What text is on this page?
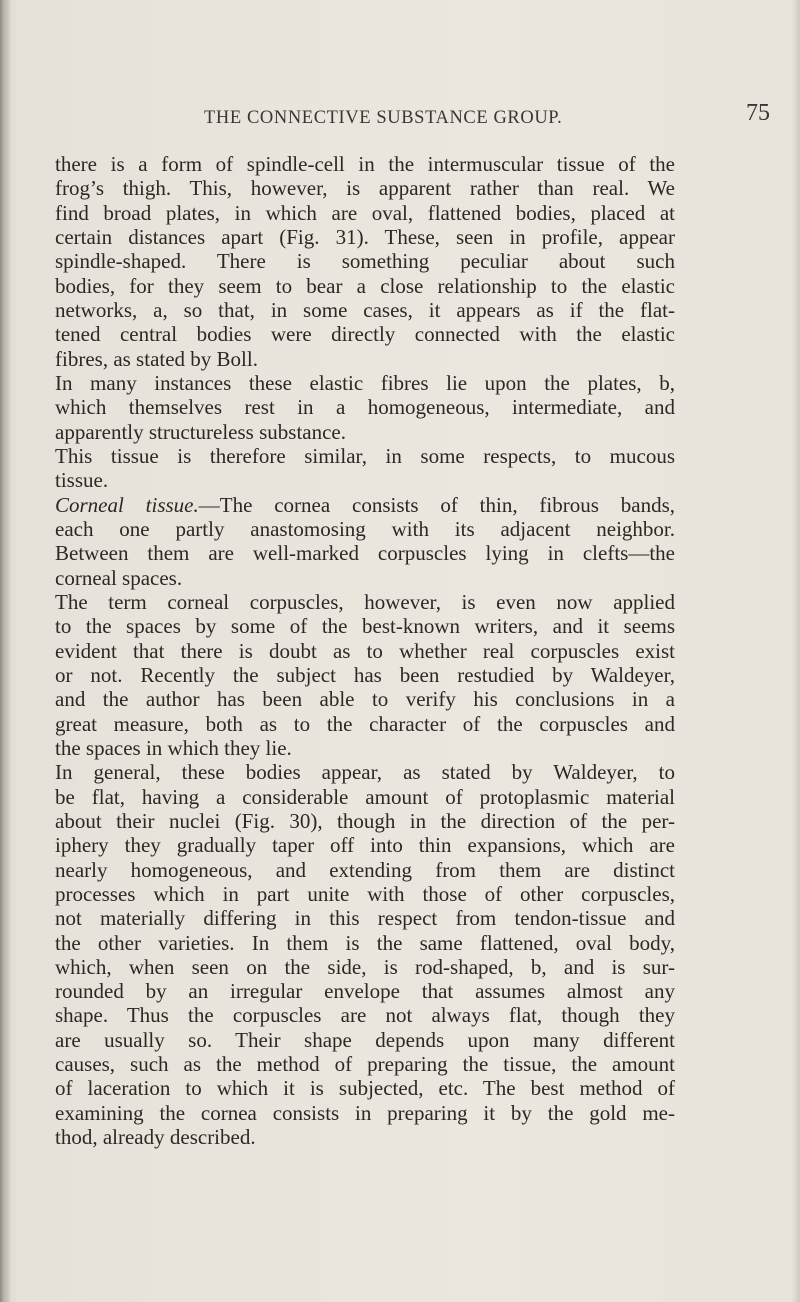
THE CONNECTIVE SUBSTANCE GROUP.	75

there is a form of spindle-cell in the intermuscular tissue of the

frog’s thigh. This, however, is apparent rather than real. We

find broad plates, in which are oval, flattened bodies, placed at

certain distances apart (Fig. 31). These, seen in profile, appear

spindle-shaped. There is something peculiar about such

bodies, for they seem to bear a close relationship to the elastic

networks, a, so that, in some cases, it appears as if the flat-

tened central bodies were directly connected with the elastic

fibres, as stated by Boll.

In many instances these elastic fibres lie upon the plates, b,

which themselves rest in a homogeneous, intermediate, and

apparently structureless substance.

This tissue is therefore similar, in some respects, to mucous

tissue.

Corneal tissue.—The cornea consists of thin, fibrous bands,

each one partly anastomosing with its adjacent neighbor.

Between them are well-marked corpuscles lying in clefts—the

corneal spaces.

The term corneal corpuscles, however, is even now applied

to the spaces by some of the best-known writers, and it seems

evident that there is doubt as to whether real corpuscles exist

or not. Recently the subject has been restudied by Waldeyer,

and the author has been able to verify his conclusions in a

great measure, both as to the character of the corpuscles and

the spaces in which they lie.

In general, these bodies appear, as stated by Waldeyer, to

be flat, having a considerable amount of protoplasmic material

about their nuclei (Fig. 30), though in the direction of the per-

iphery they gradually taper off into thin expansions, which are

nearly homogeneous, and extending from them are distinct

processes which in part unite with those of other corpuscles,

not materially differing in this respect from tendon-tissue and

the other varieties. In them is the same flattened, oval body,

which, when seen on the side, is rod-shaped, b, and is sur-

rounded by an irregular envelope that assumes almost any

shape. Thus the corpuscles are not always flat, though they

are usually so. Their shape depends upon many different

causes, such as the method of preparing the tissue, the amount

of laceration to which it is subjected, etc. The best method of

examining the cornea consists in preparing it by the gold me-

thod, already described.
